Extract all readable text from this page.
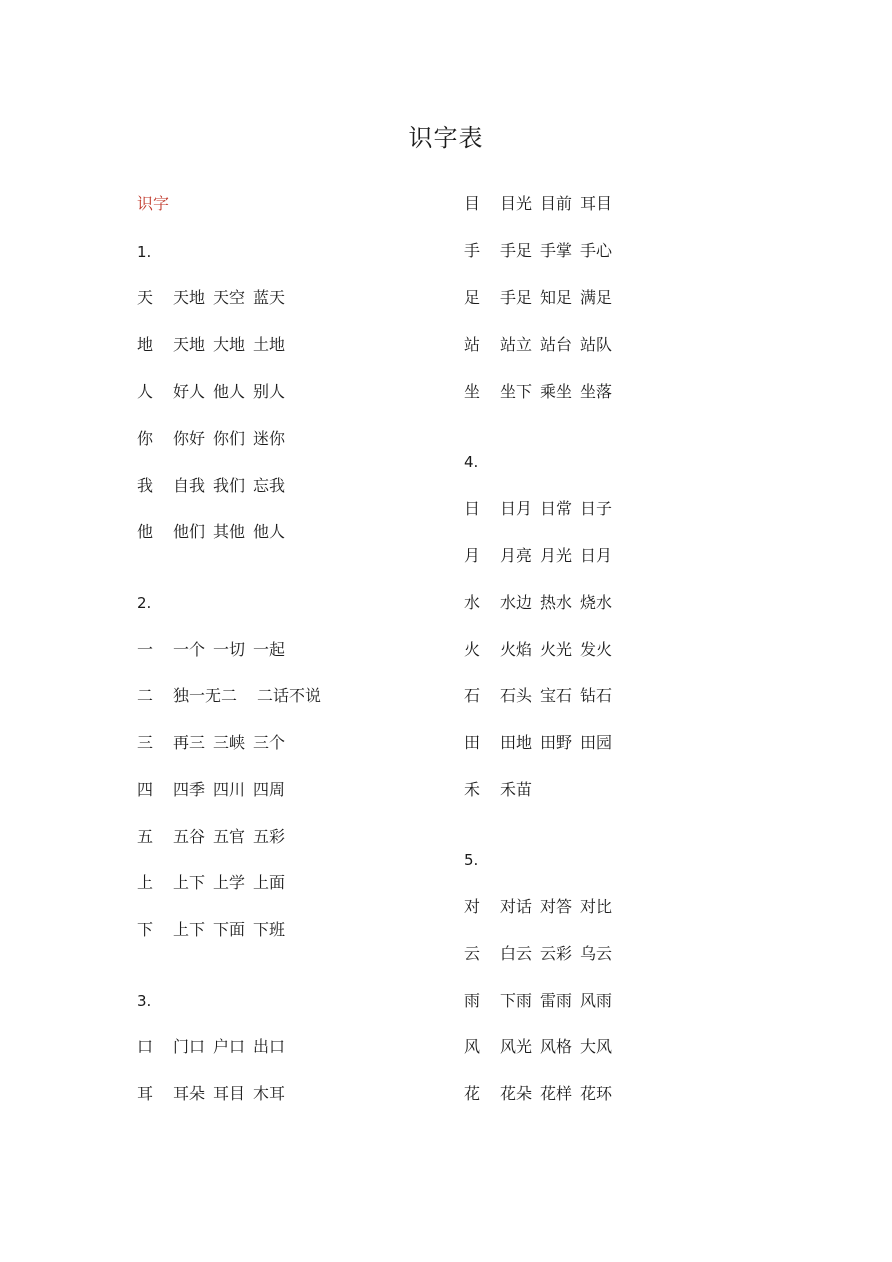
识字表
识字
1.
天 天地 天空 蓝天
地 天地 大地 土地
人 好人 他人 别人
你 你好 你们 迷你
我 自我 我们 忘我
他 他们 其他 他人
2.
一 一个 一切 一起
二 独一无二 二话不说
三 再三 三峡 三个
四 四季 四川 四周
五 五谷 五官 五彩
上 上下 上学 上面
下 上下 下面 下班
3.
口 门口 户口 出口
耳 耳朵 耳目 木耳
目 目光 目前 耳目
手 手足 手掌 手心
足 手足 知足 满足
站 站立 站台 站队
坐 坐下 乘坐 坐落
4.
日 日月 日常 日子
月 月亮 月光 日月
水 水边 热水 烧水
火 火焰 火光 发火
石 石头 宝石 钻石
田 田地 田野 田园
禾 禾苗
5.
对 对话 对答 对比
云 白云 云彩 乌云
雨 下雨 雷雨 风雨
风 风光 风格 大风
花 花朵 花样 花环
